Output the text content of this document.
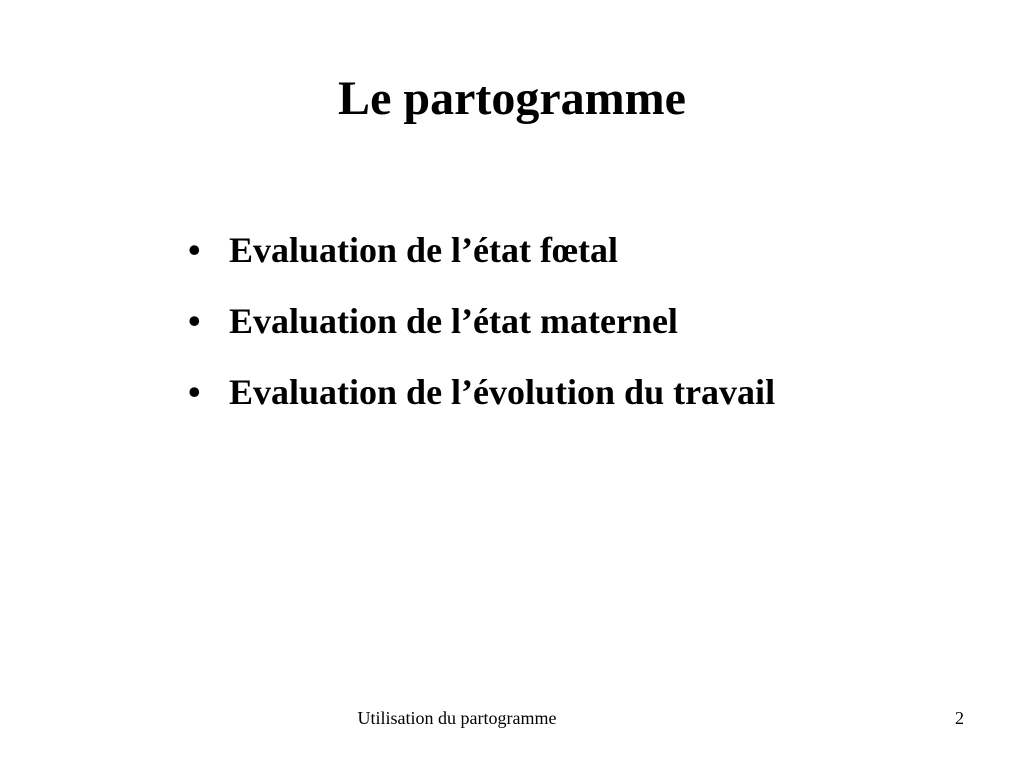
Le partogramme
• Evaluation de l’état fœtal
• Evaluation de l’état maternel
• Evaluation de l’évolution du travail
Utilisation du partogramme	2
